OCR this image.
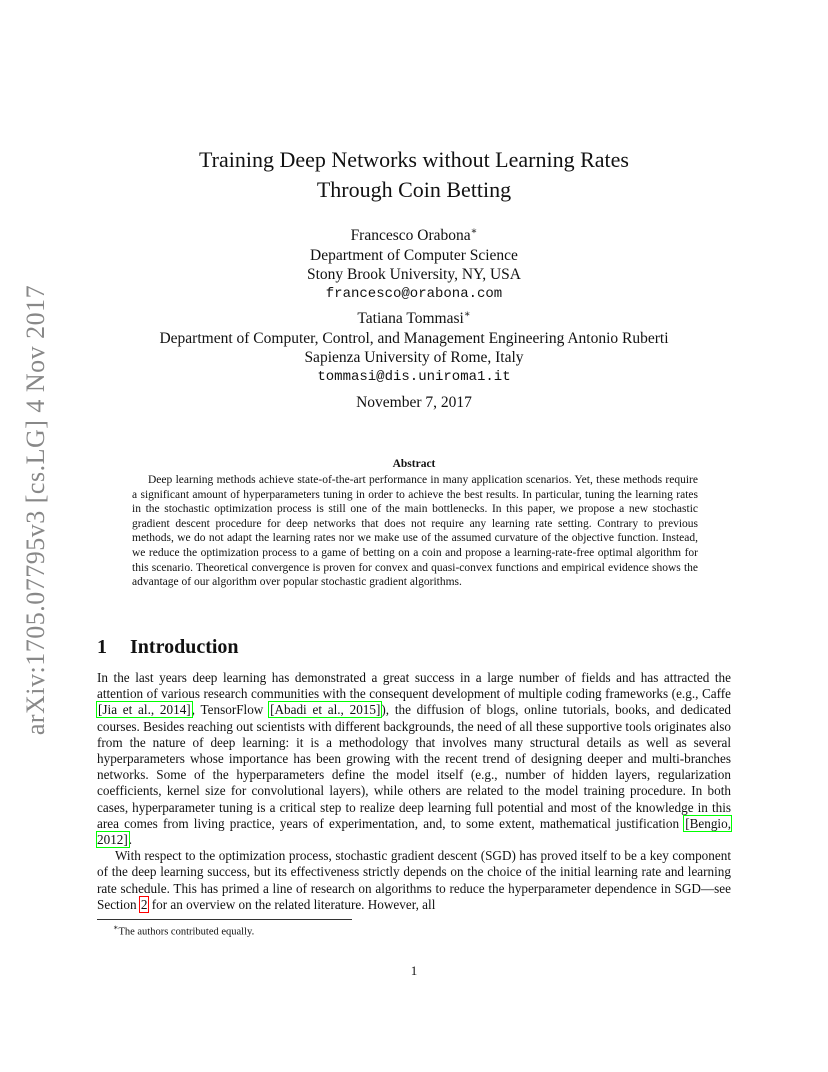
arXiv:1705.07795v3 [cs.LG] 4 Nov 2017
Training Deep Networks without Learning Rates
Through Coin Betting
Francesco Orabona∗
Department of Computer Science
Stony Brook University, NY, USA
francesco@orabona.com
Tatiana Tommasi∗
Department of Computer, Control, and Management Engineering Antonio Ruberti
Sapienza University of Rome, Italy
tommasi@dis.uniroma1.it
November 7, 2017
Abstract

Deep learning methods achieve state-of-the-art performance in many application scenarios. Yet, these methods require a significant amount of hyperparameters tuning in order to achieve the best results. In particular, tuning the learning rates in the stochastic optimization process is still one of the main bottlenecks. In this paper, we propose a new stochastic gradient descent procedure for deep networks that does not require any learning rate setting. Contrary to previous methods, we do not adapt the learning rates nor we make use of the assumed curvature of the objective function. Instead, we reduce the optimization process to a game of betting on a coin and propose a learning-rate-free optimal algorithm for this scenario. Theoretical convergence is proven for convex and quasi-convex functions and empirical evidence shows the advantage of our algorithm over popular stochastic gradient algorithms.

1 Introduction

In the last years deep learning has demonstrated a great success in a large number of fields and has attracted the attention of various research communities with the consequent development of multiple coding frameworks (e.g., Caffe [Jia et al., 2014], TensorFlow [Abadi et al., 2015]), the diffusion of blogs, online tutorials, books, and dedicated courses. Besides reaching out scientists with different backgrounds, the need of all these supportive tools originates also from the nature of deep learning: it is a methodology that involves many structural details as well as several hyperparameters whose importance has been growing with the recent trend of designing deeper and multi-branches networks. Some of the hyperparameters define the model itself (e.g., number of hidden layers, regularization coefficients, kernel size for convolutional layers), while others are related to the model training procedure. In both cases, hyperparameter tuning is a critical step to realize deep learning full potential and most of the knowledge in this area comes from living practice, years of experimentation, and, to some extent, mathematical justification [Bengio, 2012].

With respect to the optimization process, stochastic gradient descent (SGD) has proved itself to be a key component of the deep learning success, but its effectiveness strictly depends on the choice of the initial learning rate and learning rate schedule. This has primed a line of research on algorithms to reduce the hyperparameter dependence in SGD—see Section 2 for an overview on the related literature. However, all

∗The authors contributed equally.
1
